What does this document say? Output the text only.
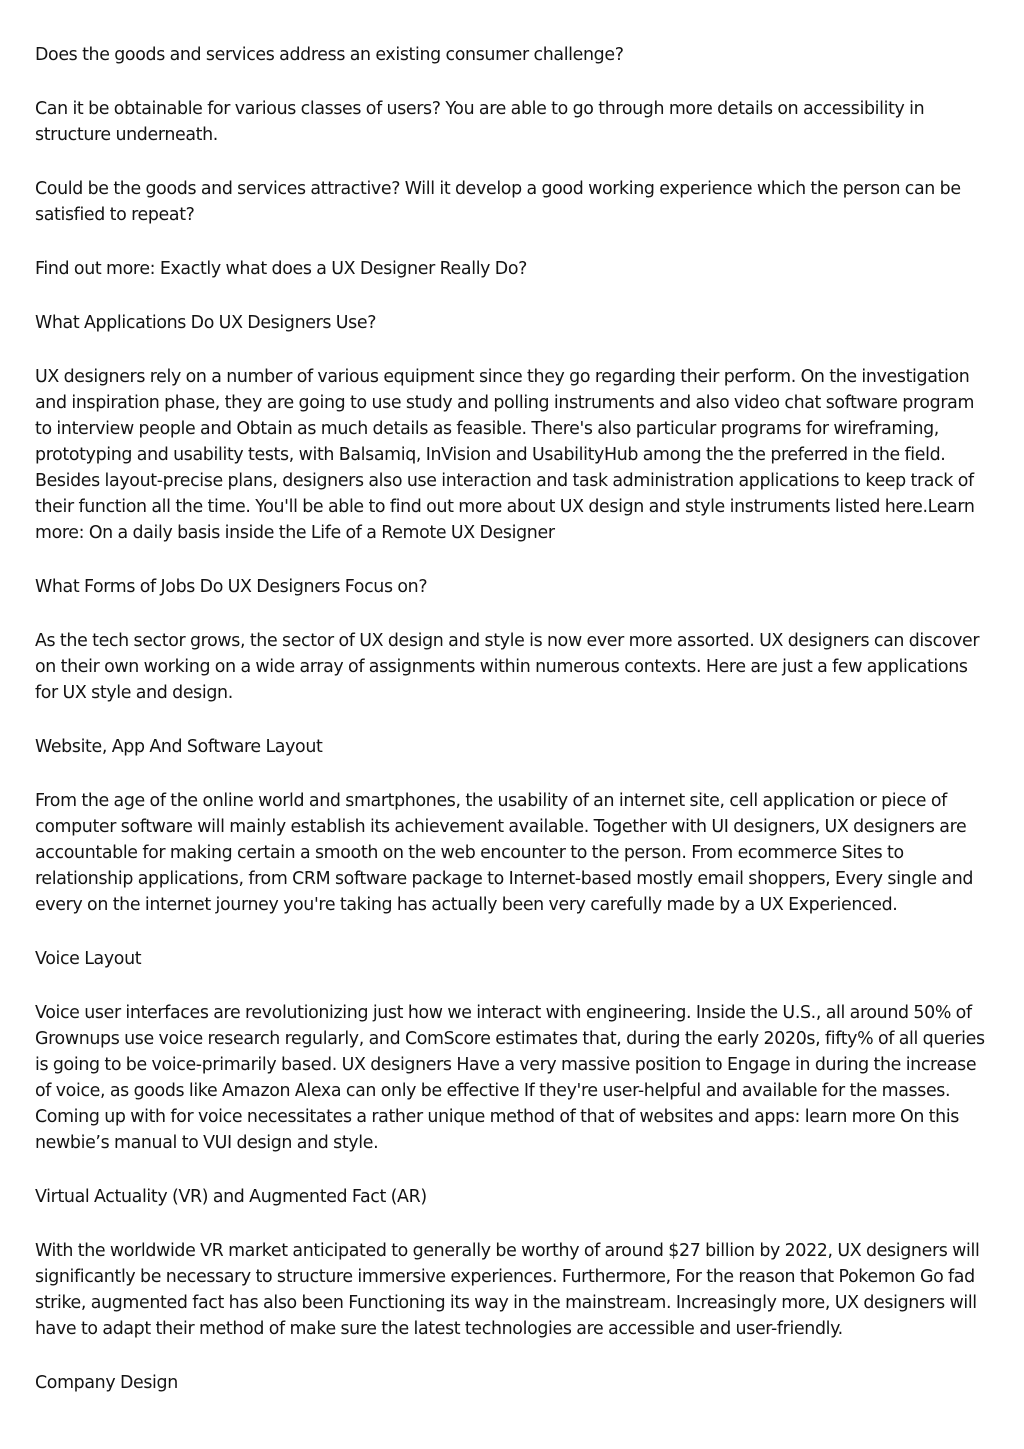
Does the goods and services address an existing consumer challenge?

Can it be obtainable for various classes of users? You are able to go through more details on accessibility in structure underneath.

Could be the goods and services attractive? Will it develop a good working experience which the person can be satisfied to repeat?

Find out more: Exactly what does a UX Designer Really Do?

What Applications Do UX Designers Use?

UX designers rely on a number of various equipment since they go regarding their perform. On the investigation and inspiration phase, they are going to use study and polling instruments and also video chat software program to interview people and Obtain as much details as feasible. There's also particular programs for wireframing, prototyping and usability tests, with Balsamiq, InVision and UsabilityHub among the the preferred in the field. Besides layout-precise plans, designers also use interaction and task administration applications to keep track of their function all the time. You'll be able to find out more about UX design and style instruments listed here.Learn more: On a daily basis inside the Life of a Remote UX Designer

What Forms of Jobs Do UX Designers Focus on?

As the tech sector grows, the sector of UX design and style is now ever more assorted. UX designers can discover on their own working on a wide array of assignments within numerous contexts. Here are just a few applications for UX style and design.

Website, App And Software Layout

From the age of the online world and smartphones, the usability of an internet site, cell application or piece of computer software will mainly establish its achievement available. Together with UI designers, UX designers are accountable for making certain a smooth on the web encounter to the person. From ecommerce Sites to relationship applications, from CRM software package to Internet-based mostly email shoppers, Every single and every on the internet journey you're taking has actually been very carefully made by a UX Experienced.

Voice Layout

Voice user interfaces are revolutionizing just how we interact with engineering. Inside the U.S., all around 50% of Grownups use voice research regularly, and ComScore estimates that, during the early 2020s, fifty% of all queries is going to be voice-primarily based. UX designers Have a very massive position to Engage in during the increase of voice, as goods like Amazon Alexa can only be effective If they're user-helpful and available for the masses. Coming up with for voice necessitates a rather unique method of that of websites and apps: learn more On this newbie’s manual to VUI design and style.

Virtual Actuality (VR) and Augmented Fact (AR)

With the worldwide VR market anticipated to generally be worthy of around $27 billion by 2022, UX designers will significantly be necessary to structure immersive experiences. Furthermore, For the reason that Pokemon Go fad strike, augmented fact has also been Functioning its way in the mainstream. Increasingly more, UX designers will have to adapt their method of make sure the latest technologies are accessible and user-friendly.

Company Design
